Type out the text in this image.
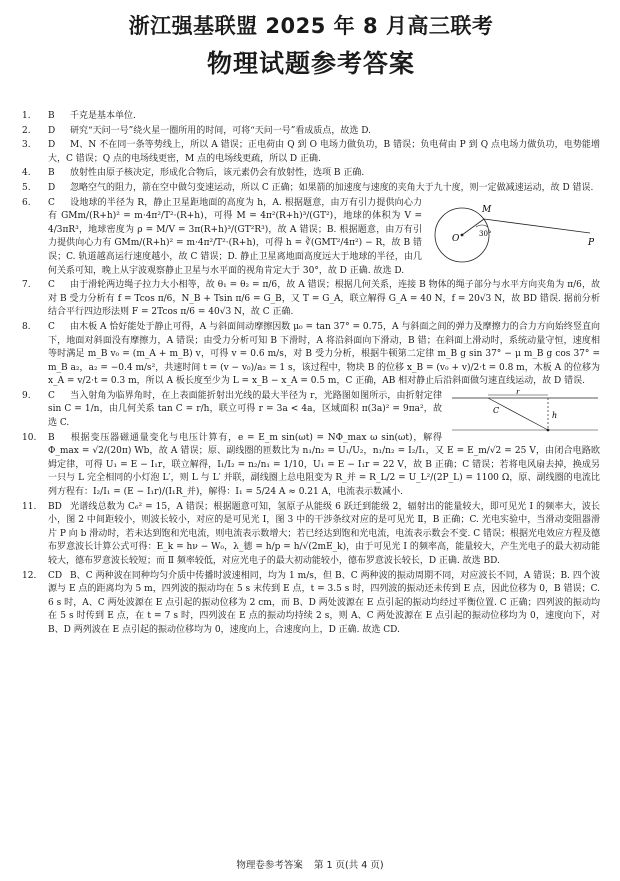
浙江强基联盟 2025 年 8 月高三联考
物理试题参考答案
1. B 千克是基本单位.
2. D 研究“天问一号”绕火星一圈所用的时间，可将“天问一号”看成质点，故选 D.
3. D M、N 不在同一条等势线上，所以 A 错误；正电荷由 Q 到 O 电场力做负功，B 错误；负电荷由 P 到 Q 点电场力做负功，电势能增大，C 错误；Q 点的电场线更密，M 点的电场线更疏，所以 D 正确.
4. B 放射性由原子核决定，形成化合物后，该元素仍会有放射性，选项 B 正确.
5. D 忽略空气的阻力，箭在空中做匀变速运动，所以 C 正确；如果箭的加速度与速度的夹角大于九十度，则一定做减速运动，故 D 错误.
M
O	P
30°
6. C 设地球的半径为 R，静止卫星距地面的高度为 h，A. 根据题意，由万有引力提供向心力有 GMm/(R+h)² = m·4π²/T²·(R+h)，可得 M = 4π²(R+h)³/(GT²)，地球的体积为 V = 4/3πR³，地球密度为 ρ = M/V = 3π(R+h)³/(GT²R³)，故 A 错误；B. 根据题意，由万有引力提供向心力有 GMm/(R+h)² = m·4π²/T²·(R+h)，可得 h = ∛(GMT²/4π²) − R，故 B 错误；C. 轨道越高运行速度越小，故 C 错误；D. 静止卫星离地面高度远大于地球的半径，由几何关系可知，晚上从宇波观察静止卫星与水平面的视角肯定大于 30°，故 D 正确. 故选 D.
7. C 由于滑轮两边绳子拉力大小相等，故 θ₁ = θ₂ = π/6，故 A 错误；根据几何关系，连接 B 物体的绳子部分与水平方向夹角为 π/6，故对 B 受力分析有 f = Tcos π/6，N_B + Tsin π/6 = G_B，又 T = G_A，联立解得 G_A = 40 N，f = 20√3 N，故 BD 错误. 据前分析结合平行四边形法则 F = 2Tcos π/6 = 40√3 N，故 C 正确.
8. C 由木板 A 恰好能处于静止可得，A 与斜面间动摩擦因数 μ₀ = tan 37° = 0.75，A 与斜面之间的弹力及摩擦力的合力方向始终竖直向下，地面对斜面没有摩擦力，A 错误；由受力分析可知 B 下滑时，A 将沿斜面向下滑动，B 错；在斜面上滑动时，系统动量守恒，速度相等时满足 m_B v₀ = (m_A + m_B) v，可得 v = 0.6 m/s，对 B 受力分析，根据牛顿第二定律 m_B g sin 37° − μ m_B g cos 37° = m_B a₂，a₂ = −0.4 m/s²，共速时间 t = (v − v₀)/a₂ = 1 s，该过程中，物块 B 的位移 x_B = (v₀ + v)/2·t = 0.8 m，木板 A 的位移为 x_A = v/2·t = 0.3 m，所以 A 板长度至少为 L = x_B − x_A = 0.5 m，C 正确，AB 相对静止后沿斜面做匀速直线运动，故 D 错误.
r
C
h
9. C 当入射角为临界角时，在上表面能折射出光线的最大半径为 r，光路图如图所示，由折射定律 sin C = 1/n，由几何关系 tan C = r/h，联立可得 r = 3a < 4a，区域面积 π(3a)² = 9πa²，故选 C.
10. B 根据变压器磁通量变化与电压计算有，e = E_m sin(ωt) = NΦ_max ω sin(ωt)，解得 Φ_max = √2/(20π) Wb，故 A 错误；原、副线圈的匝数比为 n₁/n₂ = U₁/U₂，n₁/n₂ = I₂/I₁，又 E = E_m/√2 = 25 V，由闭合电路欧姆定律，可得 U₁ = E − I₁r，联立解得，I₁/I₂ = n₂/n₁ = 1/10，U₁ = E − I₁r = 22 V，故 B 正确；C 错误；若将电风扇去掉，换成另一只与 L 完全相同的小灯泡 L′，则 L 与 L′ 并联，副线圈上总电阻变为 R_并 = R_L/2 = U_L²/(2P_L) = 1100 Ω，原、副线圈的电流比列方程有：I₂/I₁ = (E − I₁r)/(I₁R_并)，解得：I₁ = 5/24 A ≈ 0.21 A，电流表示数减小.
11. BD 光谱线总数为 C₆² = 15，A 错误；根据题意可知，氢原子从能级 6 跃迁到能级 2，辐射出的能量较大，即可见光 Ⅰ 的频率大，波长小，图 2 中间距较小，则波长较小，对应的是可见光 Ⅰ，图 3 中的干涉条纹对应的是可见光 Ⅱ，B 正确；C. 光电实验中，当滑动变阻器滑片 P 向 b 滑动时，若未达到饱和光电流，则电流表示数增大；若已经达到饱和光电流，电流表示数会不变. C 错误；根据光电效应方程及德布罗意波长计算公式可得：E_k = hν − W₀，λ_德 = h/p = h/√(2mE_k)，由于可见光 Ⅰ 的频率高，能量较大，产生光电子的最大初动能较大，德布罗意波长较短；而 Ⅱ 频率较低，对应光电子的最大初动能较小，德布罗意波长较长，D 正确. 故选 BD.
12. CD B、C 两种波在同种均匀介质中传播时波速相同，均为 1 m/s，但 B、C 两种波的振动周期不同，对应波长不同，A 错误；B. 四个波源与 E 点的距离均为 5 m，四列波的振动均在 5 s 末传到 E 点，t = 3.5 s 时，四列波的振动还未传到 E 点，因此位移为 0，B 错误；C. 6 s 时，A、C 两处波源在 E 点引起的振动位移为 2 cm，而 B、D 两处波源在 E 点引起的振动均经过平衡位置. C 正确；四列波的振动均在 5 s 时传到 E 点，在 t = 7 s 时，四列波在 E 点的振动均持续 2 s，则 A、C 两处波源在 E 点引起的振动位移均为 0，速度向下，对 B、D 两列波在 E 点引起的振动位移均为 0，速度向上，合速度向上，D 正确. 故选 CD.
物理卷参考答案 第 1 页(共 4 页)
